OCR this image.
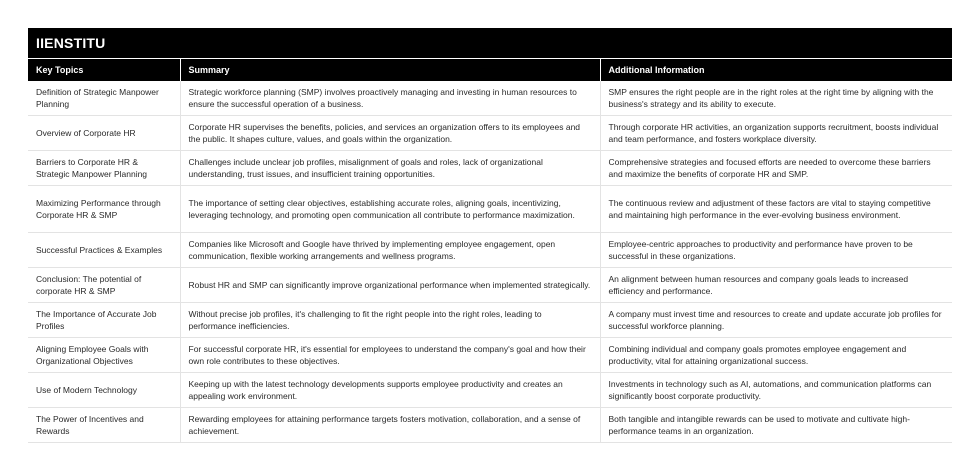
IIENSTITU
Key Topics	Summary	Additional Information
Definition of Strategic Manpower Planning	Strategic workforce planning (SMP) involves proactively managing and investing in human resources to ensure the successful operation of a business.	SMP ensures the right people are in the right roles at the right time by aligning with the business's strategy and its ability to execute.
Overview of Corporate HR	Corporate HR supervises the benefits, policies, and services an organization offers to its employees and the public. It shapes culture, values, and goals within the organization.	Through corporate HR activities, an organization supports recruitment, boosts individual and team performance, and fosters workplace diversity.
Barriers to Corporate HR & Strategic Manpower Planning	Challenges include unclear job profiles, misalignment of goals and roles, lack of organizational understanding, trust issues, and insufficient training opportunities.	Comprehensive strategies and focused efforts are needed to overcome these barriers and maximize the benefits of corporate HR and SMP.
Maximizing Performance through Corporate HR & SMP	The importance of setting clear objectives, establishing accurate roles, aligning goals, incentivizing, leveraging technology, and promoting open communication all contribute to performance maximization.	The continuous review and adjustment of these factors are vital to staying competitive and maintaining high performance in the ever-evolving business environment.
Successful Practices & Examples	Companies like Microsoft and Google have thrived by implementing employee engagement, open communication, flexible working arrangements and wellness programs.	Employee-centric approaches to productivity and performance have proven to be successful in these organizations.
Conclusion: The potential of corporate HR & SMP	Robust HR and SMP can significantly improve organizational performance when implemented strategically.	An alignment between human resources and company goals leads to increased efficiency and performance.
The Importance of Accurate Job Profiles	Without precise job profiles, it's challenging to fit the right people into the right roles, leading to performance inefficiencies.	A company must invest time and resources to create and update accurate job profiles for successful workforce planning.
Aligning Employee Goals with Organizational Objectives	For successful corporate HR, it's essential for employees to understand the company's goal and how their own role contributes to these objectives.	Combining individual and company goals promotes employee engagement and productivity, vital for attaining organizational success.
Use of Modern Technology	Keeping up with the latest technology developments supports employee productivity and creates an appealing work environment.	Investments in technology such as AI, automations, and communication platforms can significantly boost corporate productivity.
The Power of Incentives and Rewards	Rewarding employees for attaining performance targets fosters motivation, collaboration, and a sense of achievement.	Both tangible and intangible rewards can be used to motivate and cultivate high-performance teams in an organization.
